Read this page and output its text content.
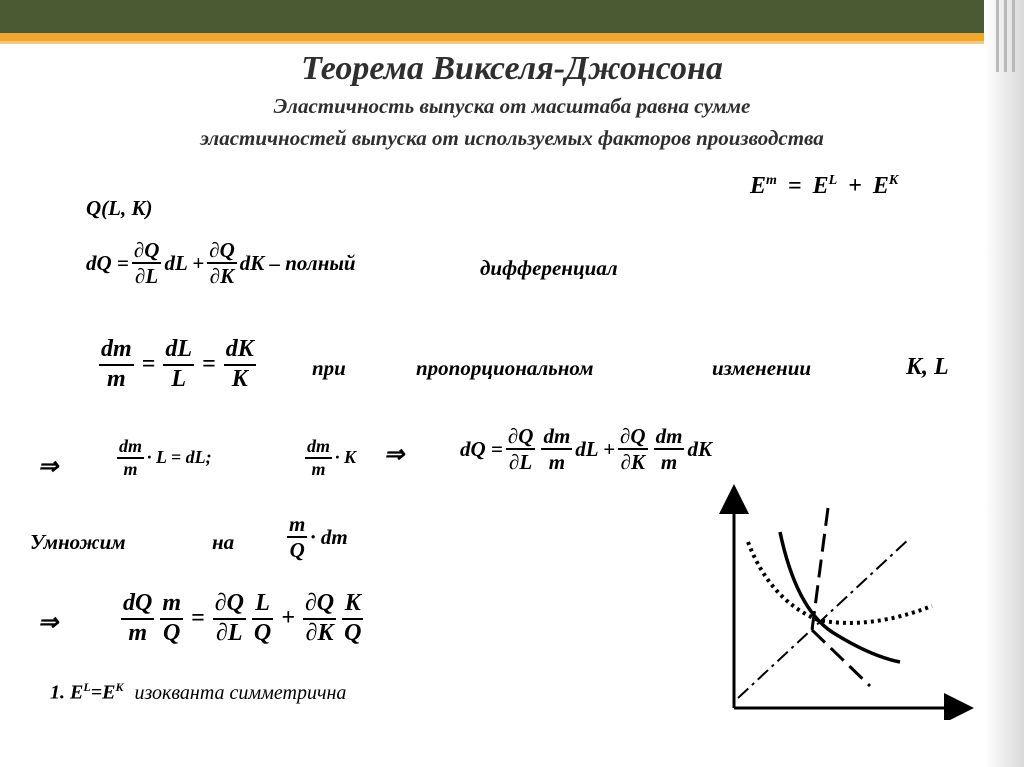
Теорема Викселя-Джонсона
Эластичность выпуска от масштаба равна сумме
эластичностей выпуска от используемых факторов производства
$E^m = E^L + E^K$
Q(L, K)
dQ = $\frac{\partial Q}{\partial L}$ dL + $\frac{\partial Q}{\partial K}$ dK – полный	дифференциал
$\frac{dm}{m} = \frac{dL}{L} = \frac{dK}{K}$	при	пропорциональном	изменении	K, L
⇒	$\frac{dm}{m} \cdot L$ = dL;	$\frac{dm}{m} \cdot K$ ⇒	dQ = $\frac{\partial Q}{\partial L} \frac{dm}{m}$ dL + $\frac{\partial Q}{\partial K} \frac{dm}{m}$ dK
Умножим	на	$\frac{m}{Q}$ · dm
⇒	$\frac{dQ}{m} \frac{m}{Q} = \frac{\partial Q}{\partial L} \frac{L}{Q} + \frac{\partial Q}{\partial K} \frac{K}{Q}$
1. $E^L=E^K$ изокванта симметрична
